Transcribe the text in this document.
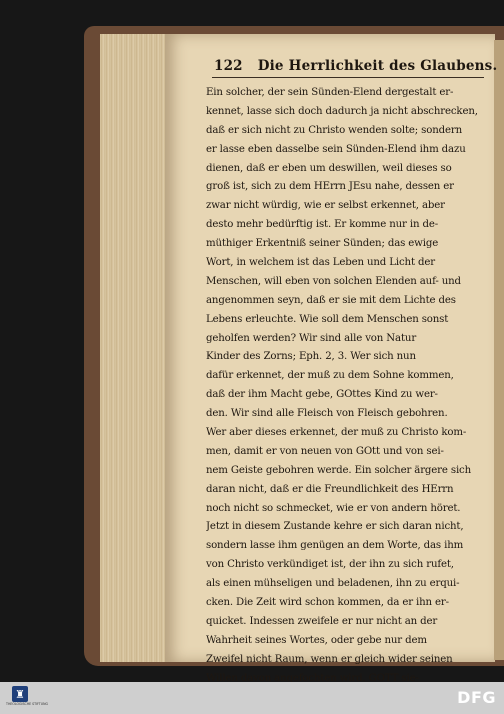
122 Die Herrlichkeit des Glaubens.
Ein solcher, der sein Sünden-Elend dergestalt er-
kennet, lasse sich doch dadurch ja nicht abschrecken,
daß er sich nicht zu Christo wenden solte; sondern
er lasse eben dasselbe sein Sünden-Elend ihm dazu
dienen, daß er eben um deswillen, weil dieses so
groß ist, sich zu dem HErrn JEsu nahe, dessen er
zwar nicht würdig, wie er selbst erkennet, aber
desto mehr bedürftig ist. Er komme nur in de-
müthiger Erkentniß seiner Sünden; das ewige
Wort, in welchem ist das Leben und Licht der
Menschen, will eben von solchen Elenden auf- und
angenommen seyn, daß er sie mit dem Lichte des
Lebens erleuchte. Wie soll dem Menschen sonst
geholfen werden? Wir sind alle von Natur
Kinder des Zorns; Eph. 2, 3. Wer sich nun
dafür erkennet, der muß zu dem Sohne kommen,
daß der ihm Macht gebe, GOttes Kind zu wer-
den. Wir sind alle Fleisch von Fleisch gebohren.
Wer aber dieses erkennet, der muß zu Christo kom-
men, damit er von neuen von GOtt und von sei-
nem Geiste gebohren werde. Ein solcher ärgere sich
daran nicht, daß er die Freundlichkeit des HErrn
noch nicht so schmecket, wie er von andern höret.
Jetzt in diesem Zustande kehre er sich daran nicht,
sondern lasse ihm genügen an dem Worte, das ihm
von Christo verkündiget ist, der ihn zu sich rufet,
als einen mühseligen und beladenen, ihn zu erqui-
cken. Die Zeit wird schon kommen, da er ihn er-
quicket. Indessen zweifele er nur nicht an der
Wahrheit seines Wortes, oder gebe nur dem
Zweifel nicht Raum, wenn er gleich wider seinen
Willen davon angefochten wird. GOTT sie-
♜
THEOLOGISCHE STIFTUNG	DFG
